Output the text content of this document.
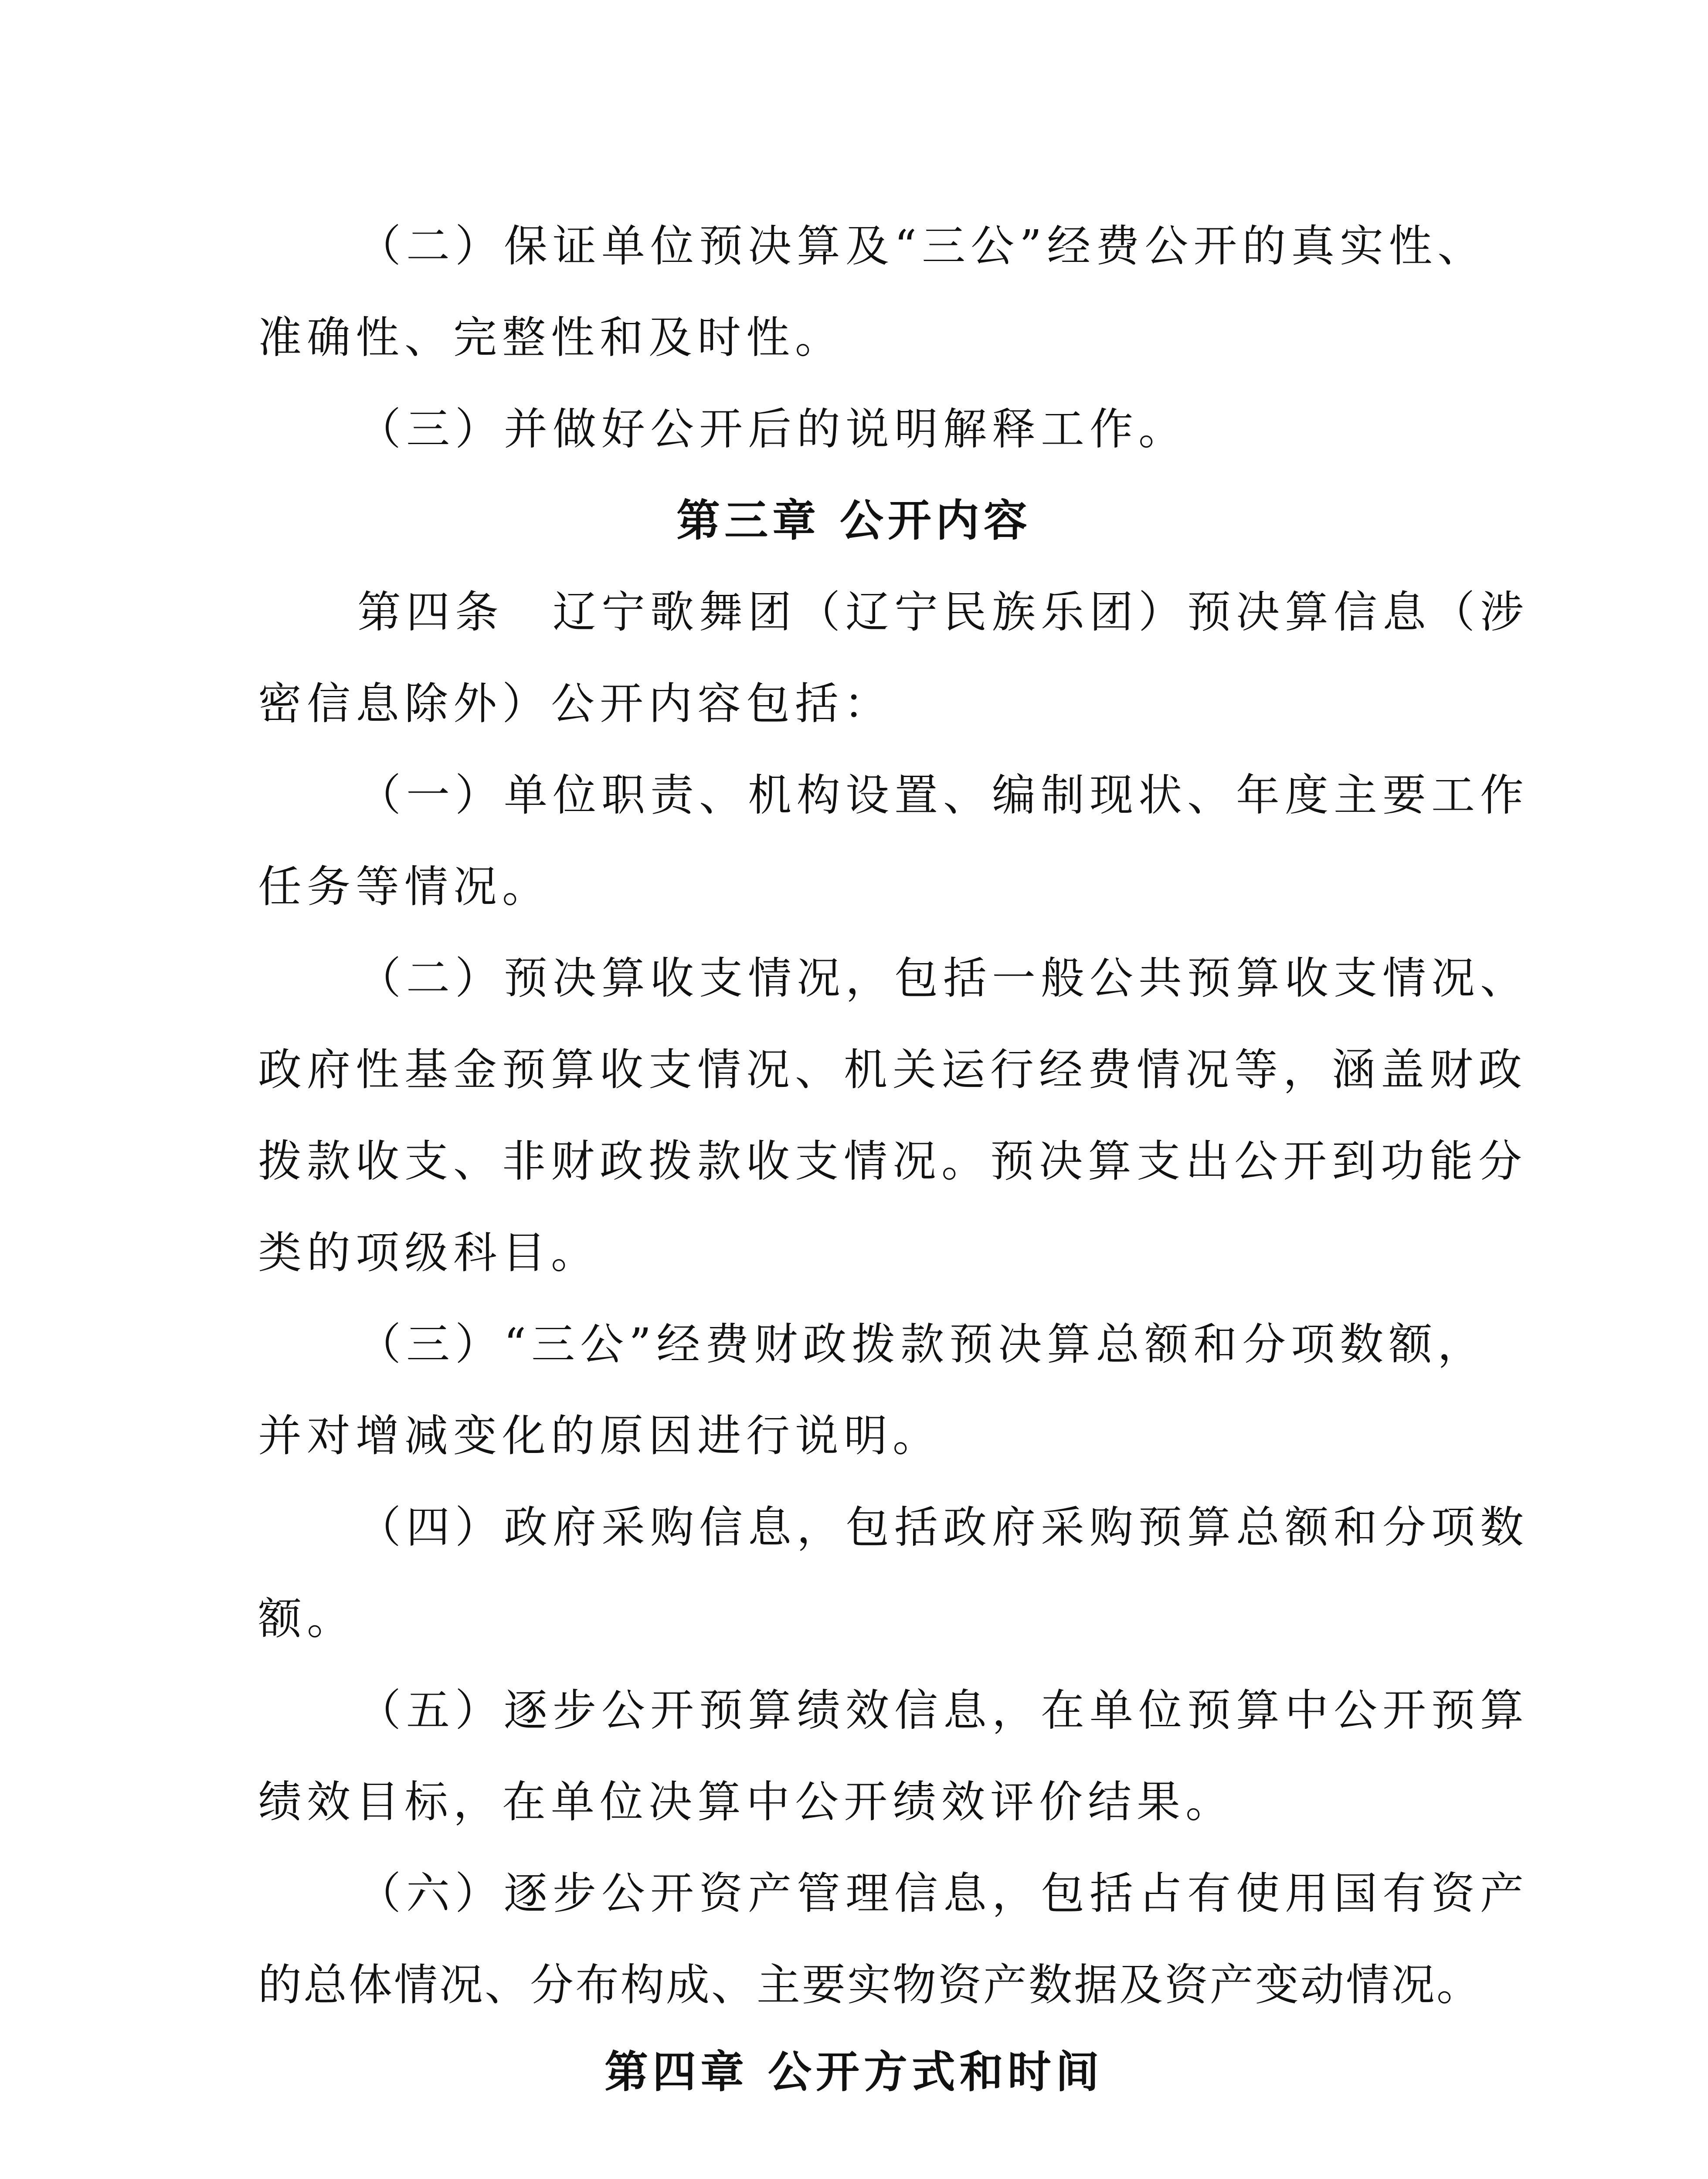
（二）保证单位预决算及“三公”经费公开的真实性、
准确性、完整性和及时性。
（三）并做好公开后的说明解释工作。
第三章 公开内容
第四条　辽宁歌舞团（辽宁民族乐团）预决算信息（涉
密信息除外）公开内容包括：
（一）单位职责、机构设置、编制现状、年度主要工作
任务等情况。
（二）预决算收支情况，包括一般公共预算收支情况、
政府性基金预算收支情况、机关运行经费情况等，涵盖财政
拨款收支、非财政拨款收支情况。预决算支出公开到功能分
类的项级科目。
（三）“三公”经费财政拨款预决算总额和分项数额，
并对增减变化的原因进行说明。
（四）政府采购信息，包括政府采购预算总额和分项数
额。
（五）逐步公开预算绩效信息，在单位预算中公开预算
绩效目标，在单位决算中公开绩效评价结果。
（六）逐步公开资产管理信息，包括占有使用国有资产
的总体情况、分布构成、主要实物资产数据及资产变动情况。
第四章 公开方式和时间
